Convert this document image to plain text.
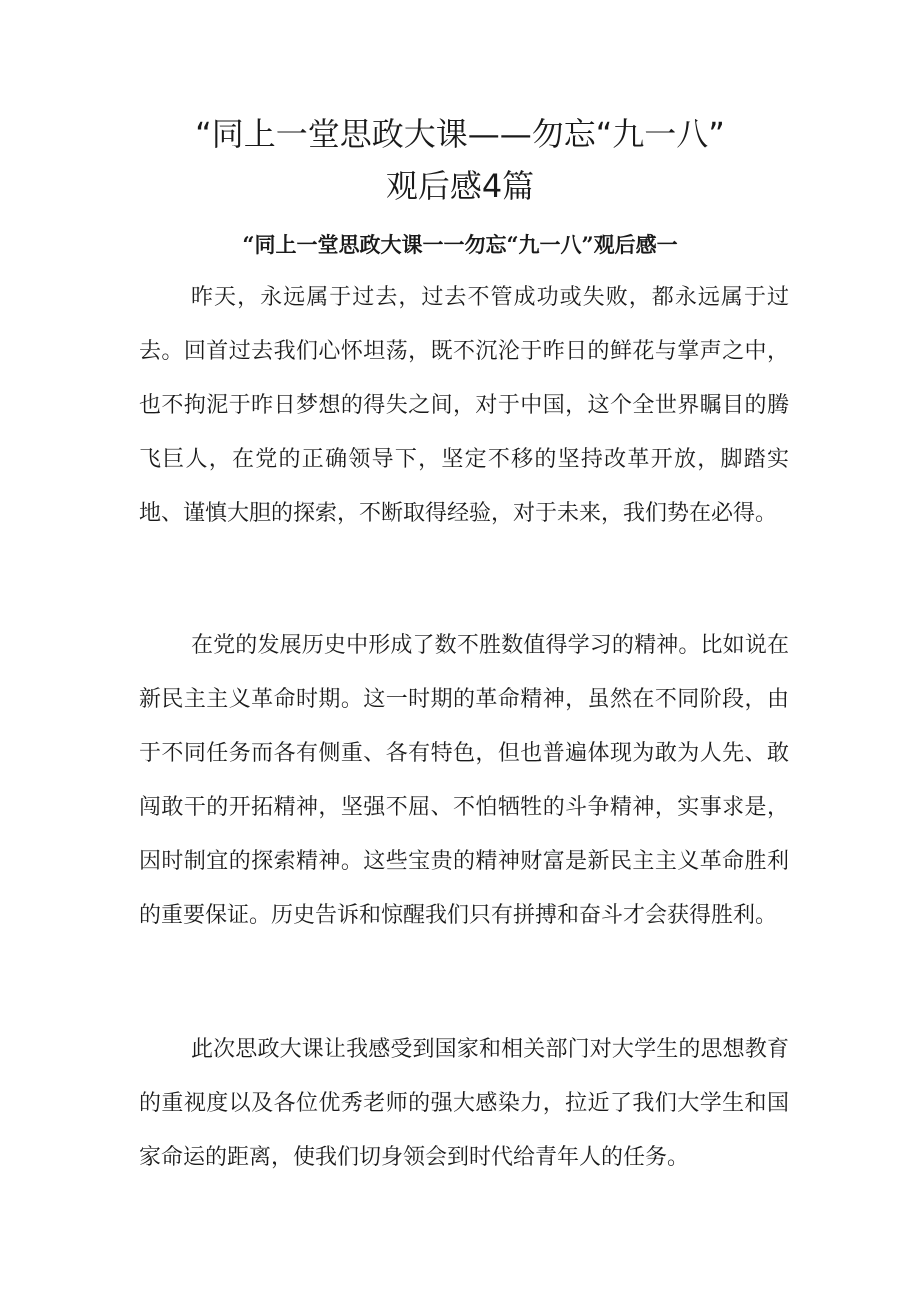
“同上一堂思政大课——勿忘“九一八”
观后感4篇
“同上一堂思政大课一一勿忘“九一八”观后感一

昨天，永远属于过去，过去不管成功或失败，都永远属于过去。回首过去我们心怀坦荡，既不沉沦于昨日的鲜花与掌声之中，也不拘泥于昨日梦想的得失之间，对于中国，这个全世界瞩目的腾飞巨人，在党的正确领导下，坚定不移的坚持改革开放，脚踏实地、谨慎大胆的探索，不断取得经验，对于未来，我们势在必得。

在党的发展历史中形成了数不胜数值得学习的精神。比如说在新民主主义革命时期。这一时期的革命精神，虽然在不同阶段，由于不同任务而各有侧重、各有特色，但也普遍体现为敢为人先、敢闯敢干的开拓精神，坚强不屈、不怕牺牲的斗争精神，实事求是，因时制宜的探索精神。这些宝贵的精神财富是新民主主义革命胜利的重要保证。历史告诉和惊醒我们只有拼搏和奋斗才会获得胜利。

此次思政大课让我感受到国家和相关部门对大学生的思想教育的重视度以及各位优秀老师的强大感染力，拉近了我们大学生和国家命运的距离，使我们切身领会到时代给青年人的任务。
